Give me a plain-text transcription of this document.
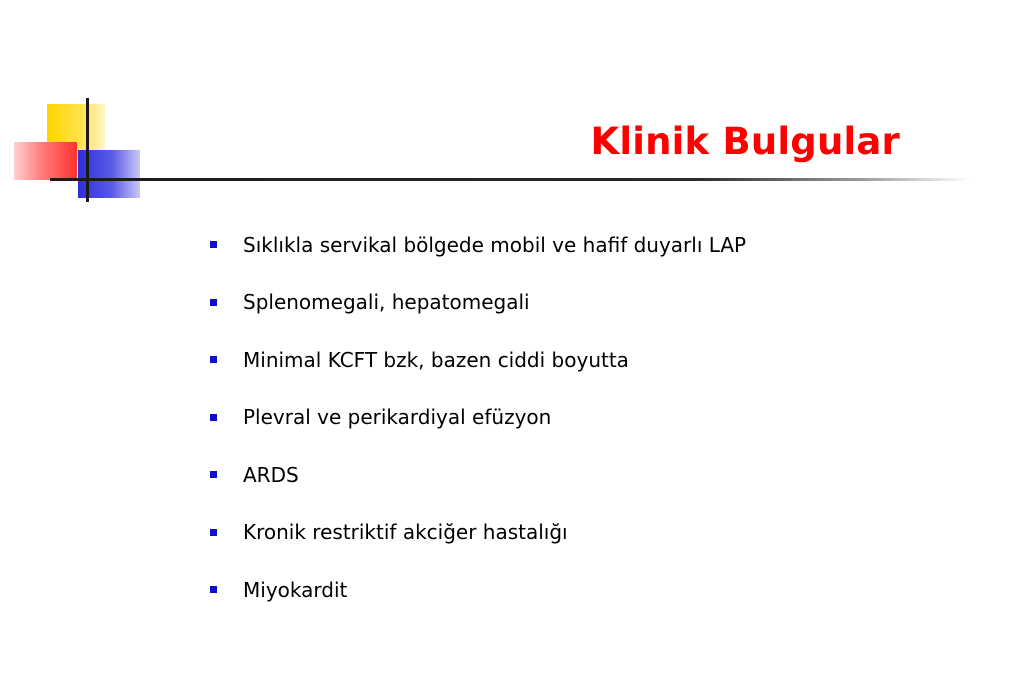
Klinik Bulgular
Sıklıkla servikal bölgede mobil ve hafif duyarlı LAP
Splenomegali, hepatomegali
Minimal KCFT bzk, bazen ciddi boyutta
Plevral ve perikardiyal efüzyon
ARDS
Kronik restriktif akciğer hastalığı
Miyokardit
